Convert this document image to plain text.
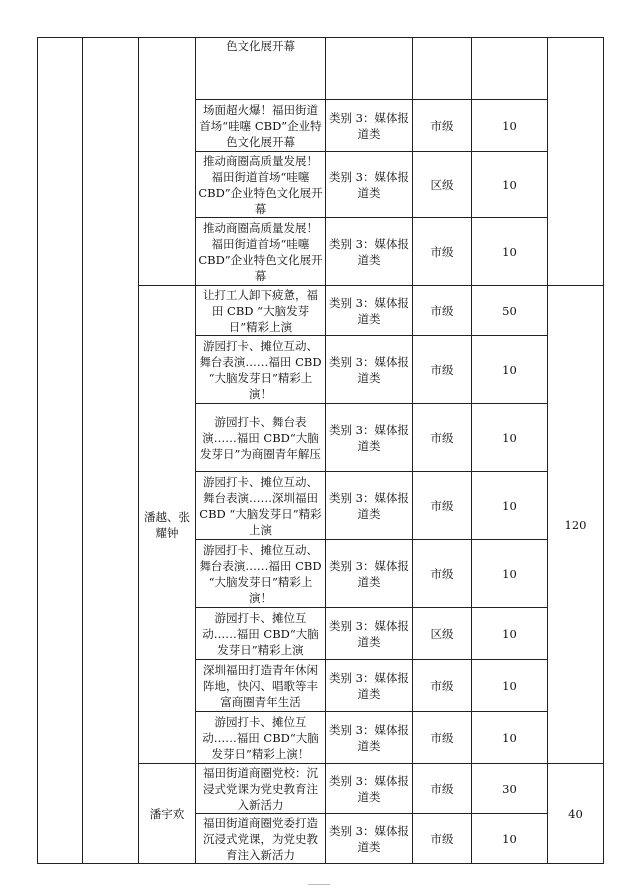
			色文化展开幕				
			场面超火爆！福田街道首场“哇噻 CBD”企业特色文化展开幕	类别 3：媒体报道类	市级	10	
			推动商圈高质量发展！福田街道首场“哇噻 CBD”企业特色文化展开幕	类别 3：媒体报道类	区级	10	
			推动商圈高质量发展！福田街道首场“哇噻 CBD”企业特色文化展开幕	类别 3：媒体报道类	市级	10	
		潘越、张耀钟	让打工人卸下疲惫，福田 CBD “大脑发芽日”精彩上演	类别 3：媒体报道类	市级	50	120
			游园打卡、摊位互动、舞台表演……福田 CBD “大脑发芽日”精彩上演！	类别 3：媒体报道类	市级	10	
			游园打卡、舞台表演……福田 CBD“大脑发芽日”为商圈青年解压	类别 3：媒体报道类	市级	10	
			游园打卡、摊位互动、舞台表演……深圳福田 CBD “大脑发芽日”精彩上演	类别 3：媒体报道类	市级	10	
			游园打卡、摊位互动、舞台表演……福田 CBD “大脑发芽日”精彩上演！	类别 3：媒体报道类	市级	10	
			游园打卡、摊位互动……福田 CBD“大脑发芽日”精彩上演	类别 3：媒体报道类	区级	10	
			深圳福田打造青年休闲阵地，快闪、唱歌等丰富商圈青年生活	类别 3：媒体报道类	市级	10	
			游园打卡、摊位互动……福田 CBD“大脑发芽日”精彩上演！	类别 3：媒体报道类	市级	10	
		潘宇欢	福田街道商圈党校：沉浸式党课为党史教育注入新活力	类别 3：媒体报道类	市级	30	40
			福田街道商圈党委打造沉浸式党课，为党史教育注入新活力	类别 3：媒体报道类	市级	10	
